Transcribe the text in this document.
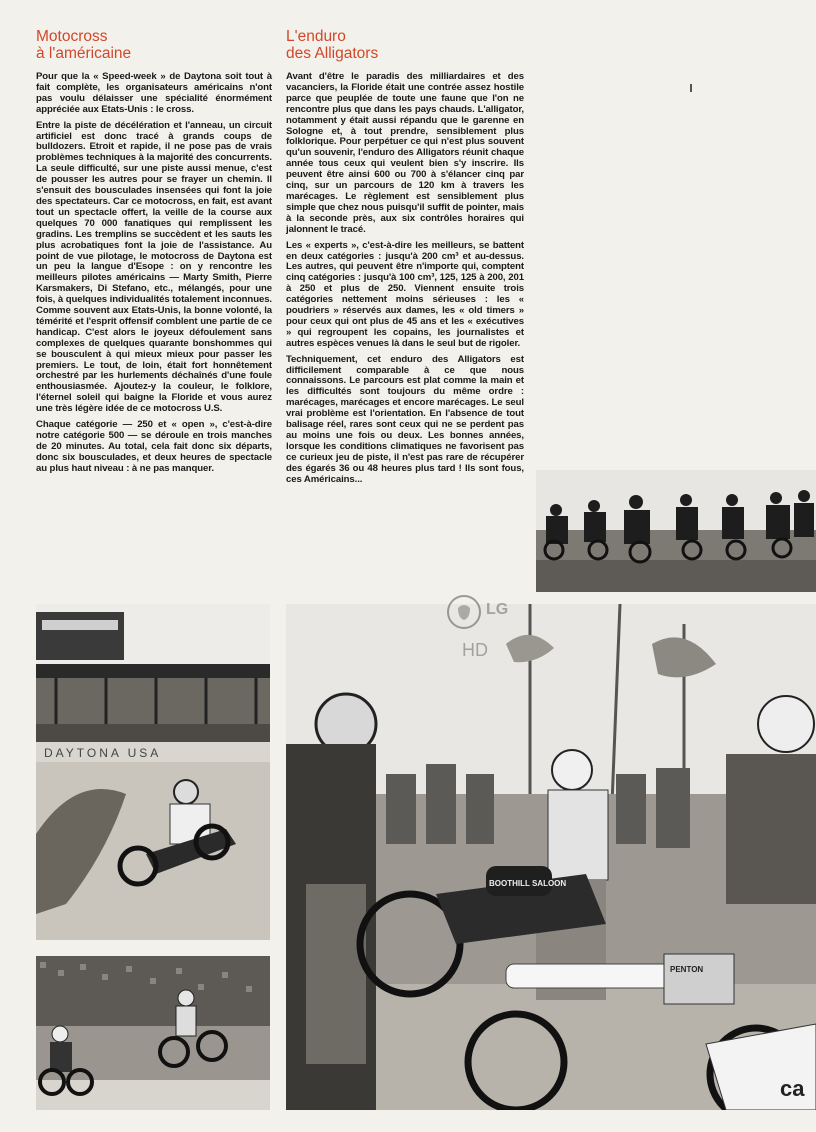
Motocross
à l'américaine

Pour que la « Speed-week » de Daytona soit tout à fait complète, les organisateurs américains n'ont pas voulu délaisser une spécialité énormément appréciée aux Etats-Unis : le cross.

Entre la piste de décélération et l'anneau, un circuit artificiel est donc tracé à grands coups de bulldozers. Etroit et rapide, il ne pose pas de vrais problèmes techniques à la majorité des concurrents. La seule difficulté, sur une piste aussi menue, c'est de pousser les autres pour se frayer un chemin. Il s'ensuit des bousculades insensées qui font la joie des spectateurs. Car ce motocross, en fait, est avant tout un spectacle offert, la veille de la course aux quelques 70 000 fanatiques qui remplissent les gradins. Les tremplins se succèdent et les sauts les plus acrobatiques font la joie de l'assistance. Au point de vue pilotage, le motocross de Daytona est un peu la langue d'Esope : on y rencontre les meilleurs pilotes américains — Marty Smith, Pierre Karsmakers, Di Stefano, etc., mélangés, pour une fois, à quelques individualités totalement inconnues. Comme souvent aux Etats-Unis, la bonne volonté, la témérité et l'esprit offensif comblent une partie de ce handicap. C'est alors le joyeux défoulement sans complexes de quelques quarante bonshommes qui se bousculent à qui mieux mieux pour passer les premiers. Le tout, de loin, était fort honnêtement orchestré par les hurlements déchaînés d'une foule enthousiasmée. Ajoutez-y la couleur, le folklore, l'éternel soleil qui baigne la Floride et vous aurez une très légère idée de ce motocross U.S.

Chaque catégorie — 250 et « open », c'est-à-dire notre catégorie 500 — se déroule en trois manches de 20 minutes. Au total, cela fait donc six départs, donc six bousculades, et deux heures de spectacle au plus haut niveau : à ne pas manquer.

L'enduro
des Alligators

Avant d'être le paradis des milliardaires et des vacanciers, la Floride était une contrée assez hostile parce que peuplée de toute une faune que l'on ne rencontre plus que dans les pays chauds. L'alligator, notamment y était aussi répandu que le garenne en Sologne et, à tout prendre, sensiblement plus folklorique. Pour perpétuer ce qui n'est plus souvent qu'un souvenir, l'enduro des Alligators réunit chaque année tous ceux qui veulent bien s'y inscrire. Ils peuvent être ainsi 600 ou 700 à s'élancer cinq par cinq, sur un parcours de 120 km à travers les marécages. Le règlement est sensiblement plus simple que chez nous puisqu'il suffit de pointer, mais à la seconde près, aux six contrôles horaires qui jalonnent le tracé.

Les « experts », c'est-à-dire les meilleurs, se battent en deux catégories : jusqu'à 200 cm³ et au-dessus. Les autres, qui peuvent être n'importe qui, comptent cinq catégories : jusqu'à 100 cm³, 125, 125 à 200, 201 à 250 et plus de 250. Viennent ensuite trois catégories nettement moins sérieuses : les « poudriers » réservés aux dames, les « old timers » pour ceux qui ont plus de 45 ans et les « exécutives » qui regroupent les copains, les journalistes et autres espèces venues là dans le seul but de rigoler.

Techniquement, cet enduro des Alligators est difficilement comparable à ce que nous connaissons. Le parcours est plat comme la main et les difficultés sont toujours du même ordre : marécages, marécages et encore marécages. Le seul vrai problème est l'orientation. En l'absence de tout balisage réel, rares sont ceux qui ne se perdent pas au moins une fois ou deux. Les bonnes années, lorsque les conditions climatiques ne favorisent pas ce curieux jeu de piste, il n'est pas rare de récupérer des égarés 36 ou 48 heures plus tard ! Ils sont fous, ces Américains...

DAYTONA USA
BOOTHILL SALOON
PENTON
ca
LG
HD
